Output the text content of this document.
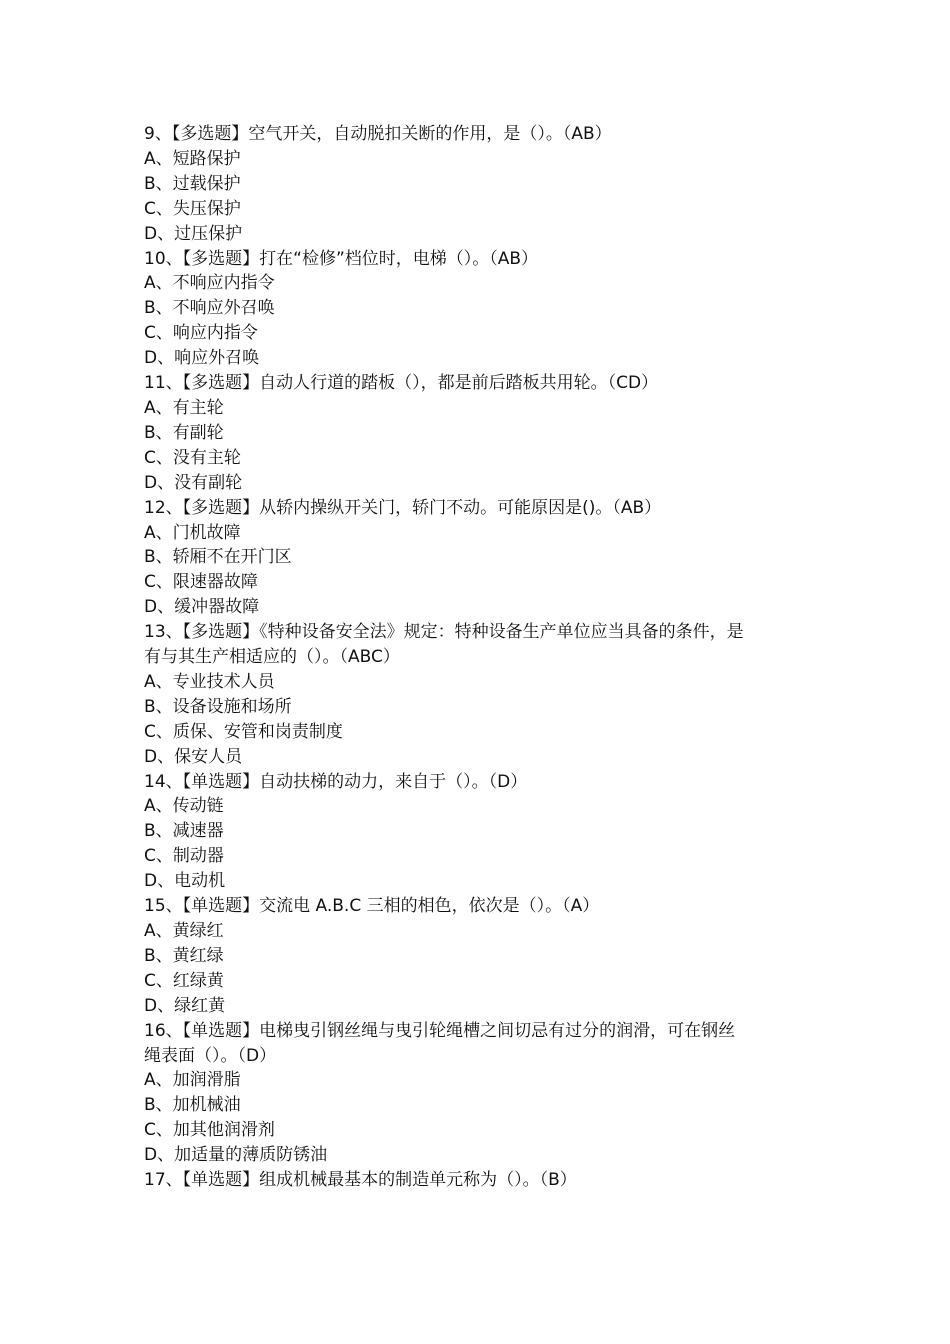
9、【多选题】空气开关，自动脱扣关断的作用，是（）。（AB）

A、短路保护

B、过载保护

C、失压保护

D、过压保护

10、【多选题】打在“检修”档位时，电梯（）。（AB）

A、不响应内指令

B、不响应外召唤

C、响应内指令

D、响应外召唤

11、【多选题】自动人行道的踏板（），都是前后踏板共用轮。（CD）

A、有主轮

B、有副轮

C、没有主轮

D、没有副轮

12、【多选题】从轿内操纵开关门，轿门不动。可能原因是()。（AB）

A、门机故障

B、轿厢不在开门区

C、限速器故障

D、缓冲器故障

13、【多选题】《特种设备安全法》规定：特种设备生产单位应当具备的条件，是

有与其生产相适应的（）。（ABC）

A、专业技术人员

B、设备设施和场所

C、质保、安管和岗责制度

D、保安人员

14、【单选题】自动扶梯的动力，来自于（）。（D）

A、传动链

B、减速器

C、制动器

D、电动机

15、【单选题】交流电 A.B.C 三相的相色，依次是（）。（A）

A、黄绿红

B、黄红绿

C、红绿黄

D、绿红黄

16、【单选题】电梯曳引钢丝绳与曳引轮绳槽之间切忌有过分的润滑，可在钢丝

绳表面（）。（D）

A、加润滑脂

B、加机械油

C、加其他润滑剂

D、加适量的薄质防锈油

17、【单选题】组成机械最基本的制造单元称为（）。（B）
